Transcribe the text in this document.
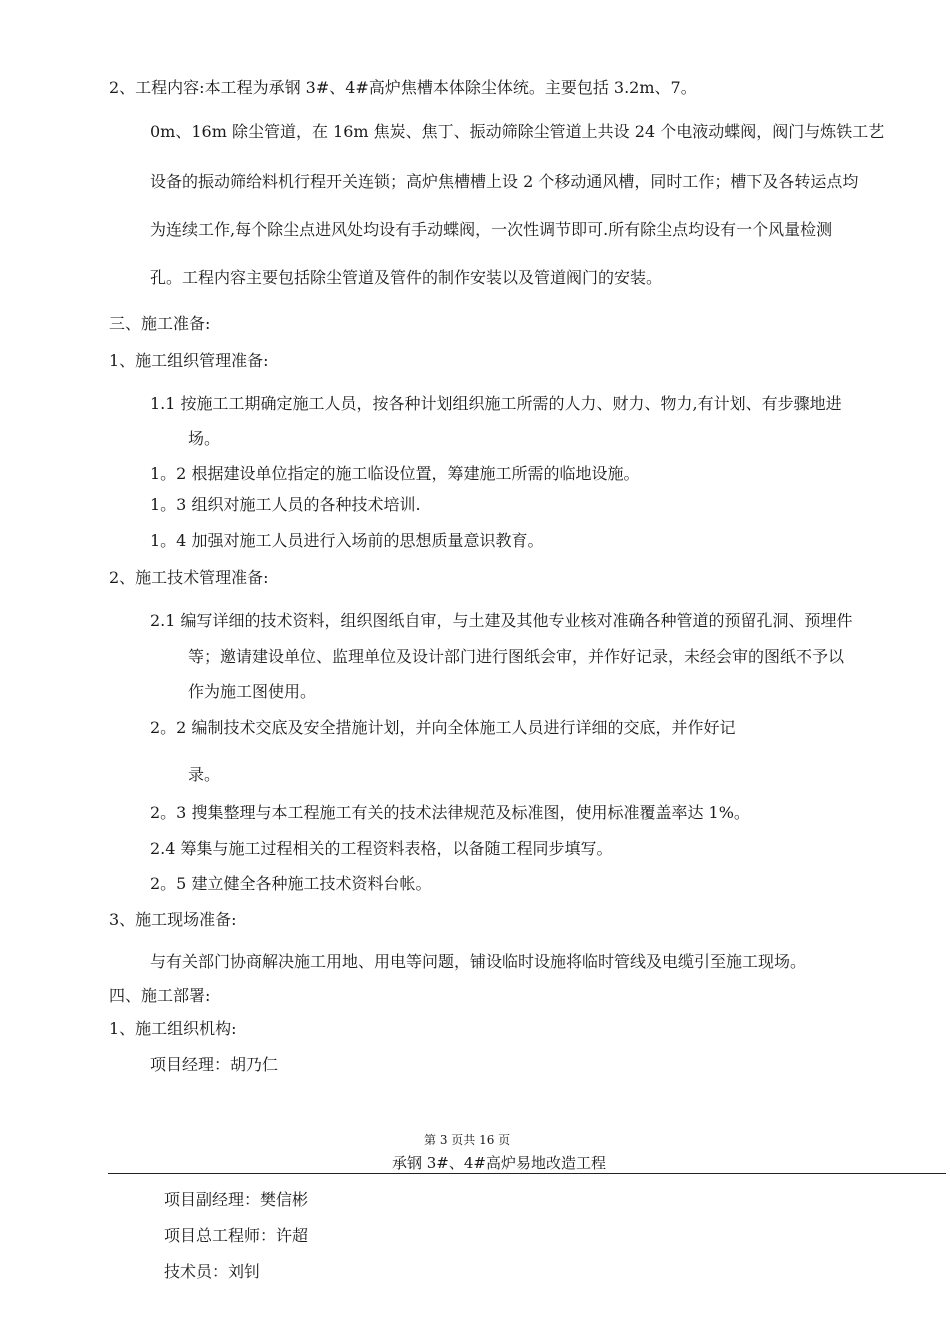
2、工程内容:本工程为承钢 3#、4#高炉焦槽本体除尘体统。主要包括 3.2m、7。
0m、16m 除尘管道，在 16m 焦炭、焦丁、振动筛除尘管道上共设 24 个电液动蝶阀，阀门与炼铁工艺
设备的振动筛给料机行程开关连锁；高炉焦槽槽上设 2 个移动通风槽，同时工作；槽下及各转运点均
为连续工作,每个除尘点进风处均设有手动蝶阀，一次性调节即可.所有除尘点均设有一个风量检测
孔。工程内容主要包括除尘管道及管件的制作安装以及管道阀门的安装。
三、施工准备:
1、施工组织管理准备:
1.1 按施工工期确定施工人员，按各种计划组织施工所需的人力、财力、物力,有计划、有步骤地进
场。
1。2 根据建设单位指定的施工临设位置，筹建施工所需的临地设施。
1。3 组织对施工人员的各种技术培训.
1。4 加强对施工人员进行入场前的思想质量意识教育。
2、施工技术管理准备:
2.1 编写详细的技术资料，组织图纸自审，与土建及其他专业核对准确各种管道的预留孔洞、预埋件
等；邀请建设单位、监理单位及设计部门进行图纸会审，并作好记录，未经会审的图纸不予以
作为施工图使用。
2。2 编制技术交底及安全措施计划，并向全体施工人员进行详细的交底，并作好记
录。
2。3 搜集整理与本工程施工有关的技术法律规范及标准图，使用标准覆盖率达 1%。
2.4 筹集与施工过程相关的工程资料表格，以备随工程同步填写。
2。5 建立健全各种施工技术资料台帐。
3、施工现场准备:
与有关部门协商解决施工用地、用电等问题，铺设临时设施将临时管线及电缆引至施工现场。
四、施工部署:
1、施工组织机构:
项目经理：胡乃仁
第 3 页共 16 页
承钢 3#、4#高炉易地改造工程
项目副经理：樊信彬
项目总工程师：许超
技术员：刘钊
